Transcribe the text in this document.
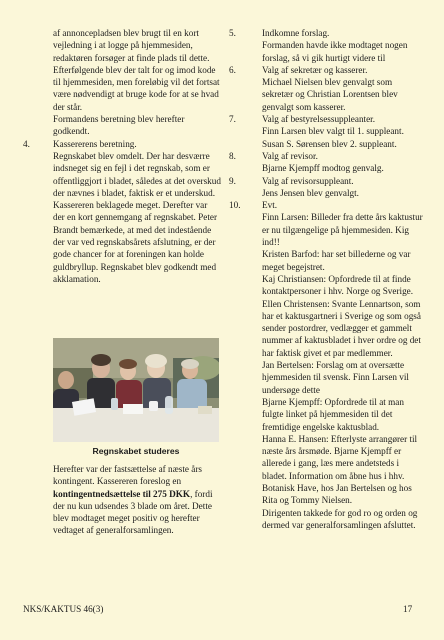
af annoncepladsen blev brugt til en kort vejledning i at logge på hjemmesiden, redaktøren forsøger at finde plads til dette. Efterfølgende blev der talt for og imod kode til hjemmesiden, men foreløbig vil det fortsat være nødvendigt at bruge kode for at se hvad der står.

Formandens beretning blev herefter godkendt.

4.	Kassererens beretning.

Regnskabet blev omdelt. Der har desværre indsneget sig en fejl i det regnskab, som er offentliggjort i bladet, således at det overskud der nævnes i bladet, faktisk er et underskud. Kassereren beklagede meget. Derefter var der en kort gennemgang af regnskabet. Peter Brandt bemærkede, at med det indestående der var ved regnskabsårets afslutning, er der gode chancer for at foreningen kan holde guldbryllup. Regnskabet blev godkendt med akklamation.

Regnskabet studeres

Herefter var der fastsættelse af næste års kontingent. Kassereren foreslog en kontingentnedsættelse til 275 DKK, fordi der nu kun udsendes 3 blade om året. Dette blev modtaget meget positiv og herefter vedtaget af generalforsamlingen.

5.	Indkomne forslag.

Formanden havde ikke modtaget nogen forslag, så vi gik hurtigt videre til

6.	Valg af sekretær og kasserer.

Michael Nielsen blev genvalgt som sekretær og Christian Lorentsen blev genvalgt som kasserer.

7.	Valg af bestyrelsessuppleanter.

Finn Larsen blev valgt til 1. suppleant.

Susan S. Sørensen blev 2. suppleant.

8.	Valg af revisor.

Bjarne Kjempff modtog genvalg.

9.	Valg af revisorsuppleant.

Jens Jensen blev genvalgt.

10.	Evt.

Finn Larsen: Billeder fra dette års kaktustur er nu tilgængelige på hjemmesiden. Kig ind!!

Kristen Barfod: har set billederne og var meget begejstret.

Kaj Christiansen: Opfordrede til at finde kontaktpersoner i hhv. Norge og Sverige.

Ellen Christensen: Svante Lennartson, som har et kaktusgartneri i Sverige og som også sender postordrer, vedlægger et gammelt nummer af kaktusbladet i hver ordre og det har faktisk givet et par medlemmer.

Jan Bertelsen: Forslag om at oversætte hjemmesiden til svensk. Finn Larsen vil undersøge dette

Bjarne Kjempff: Opfordrede til at man fulgte linket på hjemmesiden til det fremtidige engelske kaktusblad.

Hanna E. Hansen: Efterlyste arrangører til næste års årsmøde. Bjarne Kjempff er allerede i gang, læs mere andetsteds i bladet. Information om åbne hus i hhv. Botanisk Have, hos Jan Bertelsen og hos Rita og Tommy Nielsen.

Dirigenten takkede for god ro og orden og dermed var generalforsamlingen afsluttet.

NKS/KAKTUS 46(3)	17
